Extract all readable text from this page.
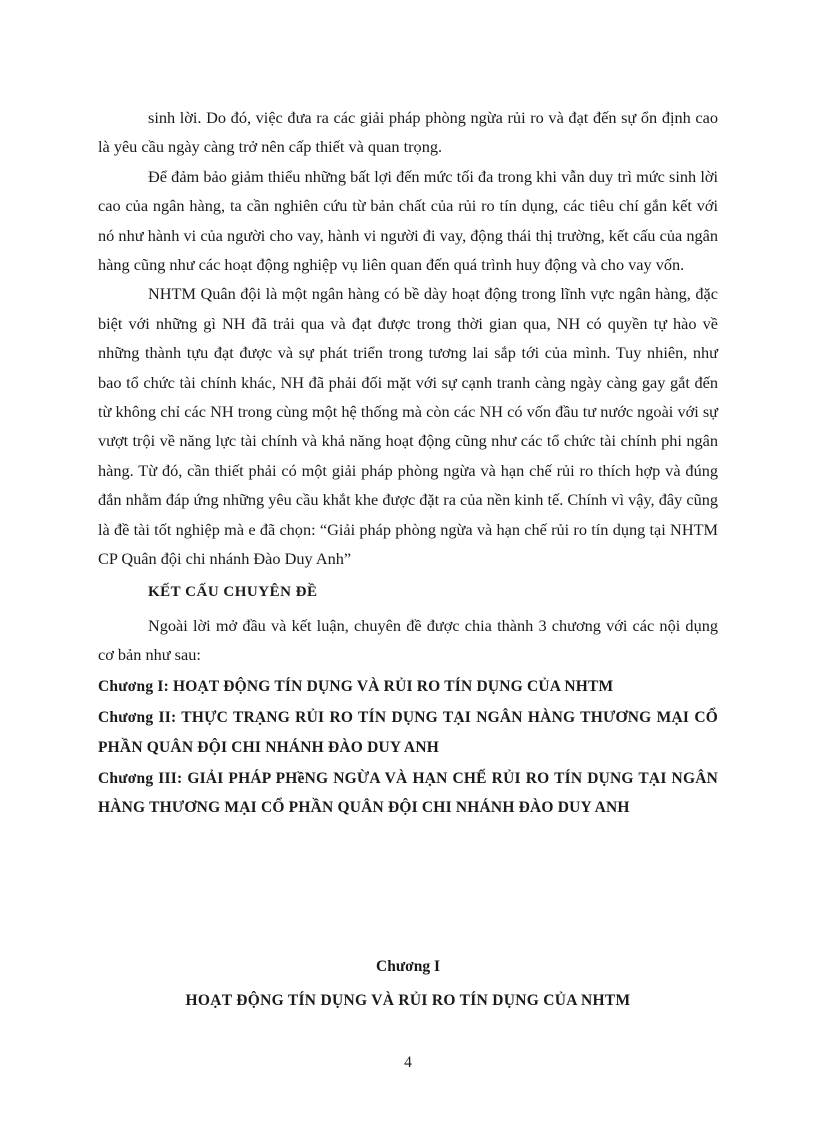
sinh lời. Do đó, việc đưa ra các giải pháp phòng ngừa rủi ro và đạt đến sự ổn định cao là yêu cầu ngày càng trở nên cấp thiết và quan trọng.

Để đảm bảo giảm thiểu những bất lợi đến mức tối đa trong khi vẫn duy trì mức sinh lời cao của ngân hàng, ta cần nghiên cứu từ bản chất của rủi ro tín dụng, các tiêu chí gắn kết với nó như hành vi của người cho vay, hành vi người đi vay, động thái thị trường, kết cấu của ngân hàng cũng như các hoạt động nghiệp vụ liên quan đến quá trình huy động và cho vay vốn.

NHTM Quân đội là một ngân hàng có bề dày hoạt động trong lĩnh vực ngân hàng, đặc biệt với những gì NH đã trải qua và đạt được trong thời gian qua, NH có quyền tự hào về những thành tựu đạt được và sự phát triển trong tương lai sắp tới của mình. Tuy nhiên, như bao tổ chức tài chính khác, NH đã phải đối mặt với sự cạnh tranh càng ngày càng gay gắt đến từ không chỉ các NH trong cùng một hệ thống mà còn các NH có vốn đầu tư nước ngoài với sự vượt trội về năng lực tài chính và khả năng hoạt động cũng như các tổ chức tài chính phi ngân hàng. Từ đó, cần thiết phải có một giải pháp phòng ngừa và hạn chế rủi ro thích hợp và đúng đắn nhằm đáp ứng những yêu cầu khắt khe được đặt ra của nền kinh tế. Chính vì vậy, đây cũng là đề tài tốt nghiệp mà e đã chọn: “Giải pháp phòng ngừa và hạn chế rủi ro tín dụng tại NHTM CP Quân đội chi nhánh Đào Duy Anh”

KẾT CẤU CHUYÊN ĐỀ

Ngoài lời mở đầu và kết luận, chuyên đề được chia thành 3 chương với các nội dụng cơ bản như sau:

Chương I: HOẠT ĐỘNG TÍN DỤNG VÀ RỦI RO TÍN DỤNG CỦA NHTM
Chương II: THỰC TRẠNG RỦI RO TÍN DỤNG TẠI NGÂN HÀNG THƯƠNG MẠI CỔ PHẦN QUÂN ĐỘI CHI NHÁNH ĐÀO DUY ANH
Chương III: GIẢI PHÁP PHềNG NGỪA VÀ HẠN CHẾ RỦI RO TÍN DỤNG TẠI NGÂN HÀNG THƯƠNG MẠI CỔ PHẦN QUÂN ĐỘI CHI NHÁNH ĐÀO DUY ANH

Chương I

HOẠT ĐỘNG TÍN DỤNG VÀ RỦI RO TÍN DỤNG CỦA NHTM

4
